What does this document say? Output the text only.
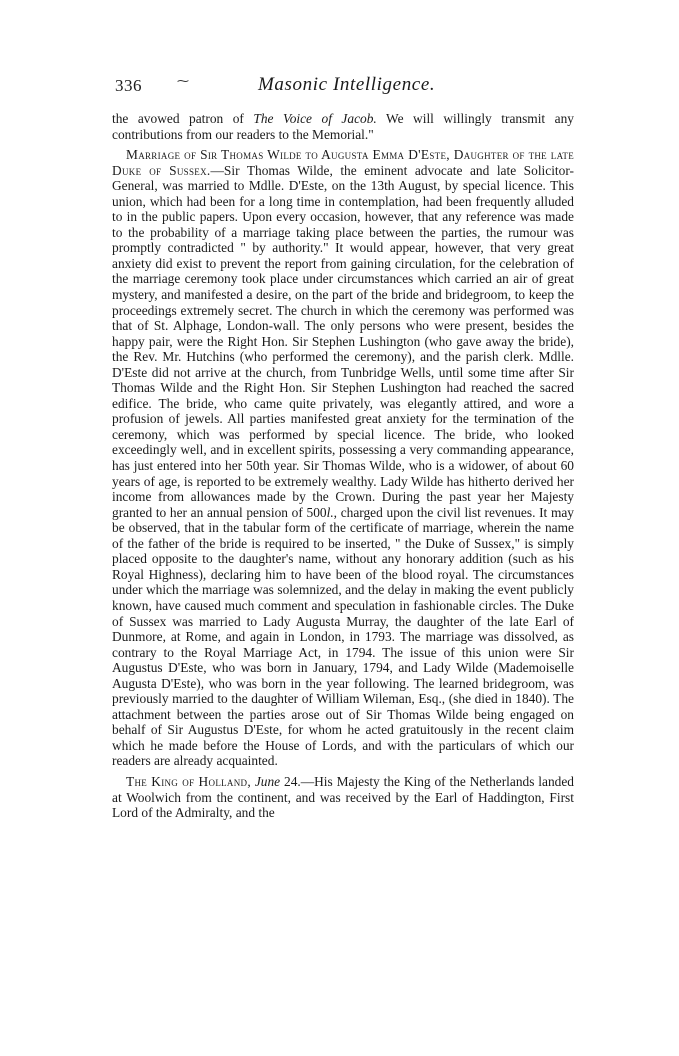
336	⁓	Masonic Intelligence.

the avowed patron of The Voice of Jacob. We will willingly transmit any contributions from our readers to the Memorial."

Marriage of Sir Thomas Wilde to Augusta Emma D'Este, Daughter of the late Duke of Sussex.—Sir Thomas Wilde, the eminent advocate and late Solicitor-General, was married to Mdlle. D'Este, on the 13th August, by special licence. This union, which had been for a long time in contemplation, had been frequently alluded to in the public papers. Upon every occasion, however, that any reference was made to the probability of a marriage taking place between the parties, the rumour was promptly contradicted " by authority." It would appear, however, that very great anxiety did exist to prevent the report from gaining circulation, for the celebration of the marriage ceremony took place under circumstances which carried an air of great mystery, and manifested a desire, on the part of the bride and bridegroom, to keep the proceedings extremely secret. The church in which the ceremony was performed was that of St. Alphage, London-wall. The only persons who were present, besides the happy pair, were the Right Hon. Sir Stephen Lushington (who gave away the bride), the Rev. Mr. Hutchins (who performed the ceremony), and the parish clerk. Mdlle. D'Este did not arrive at the church, from Tunbridge Wells, until some time after Sir Thomas Wilde and the Right Hon. Sir Stephen Lushington had reached the sacred edifice. The bride, who came quite privately, was elegantly attired, and wore a profusion of jewels. All parties manifested great anxiety for the termination of the ceremony, which was performed by special licence. The bride, who looked exceedingly well, and in excellent spirits, possessing a very commanding appearance, has just entered into her 50th year. Sir Thomas Wilde, who is a widower, of about 60 years of age, is reported to be extremely wealthy. Lady Wilde has hitherto derived her income from allowances made by the Crown. During the past year her Majesty granted to her an annual pension of 500l., charged upon the civil list revenues. It may be observed, that in the tabular form of the certificate of marriage, wherein the name of the father of the bride is required to be inserted, " the Duke of Sussex," is simply placed opposite to the daughter's name, without any honorary addition (such as his Royal Highness), declaring him to have been of the blood royal. The circumstances under which the marriage was solemnized, and the delay in making the event publicly known, have caused much comment and speculation in fashionable circles. The Duke of Sussex was married to Lady Augusta Murray, the daughter of the late Earl of Dunmore, at Rome, and again in London, in 1793. The marriage was dissolved, as contrary to the Royal Marriage Act, in 1794. The issue of this union were Sir Augustus D'Este, who was born in January, 1794, and Lady Wilde (Mademoiselle Augusta D'Este), who was born in the year following. The learned bridegroom, was previously married to the daughter of William Wileman, Esq., (she died in 1840). The attachment between the parties arose out of Sir Thomas Wilde being engaged on behalf of Sir Augustus D'Este, for whom he acted gratuitously in the recent claim which he made before the House of Lords, and with the particulars of which our readers are already acquainted.

The King of Holland, June 24.—His Majesty the King of the Netherlands landed at Woolwich from the continent, and was received by the Earl of Haddington, First Lord of the Admiralty, and the
